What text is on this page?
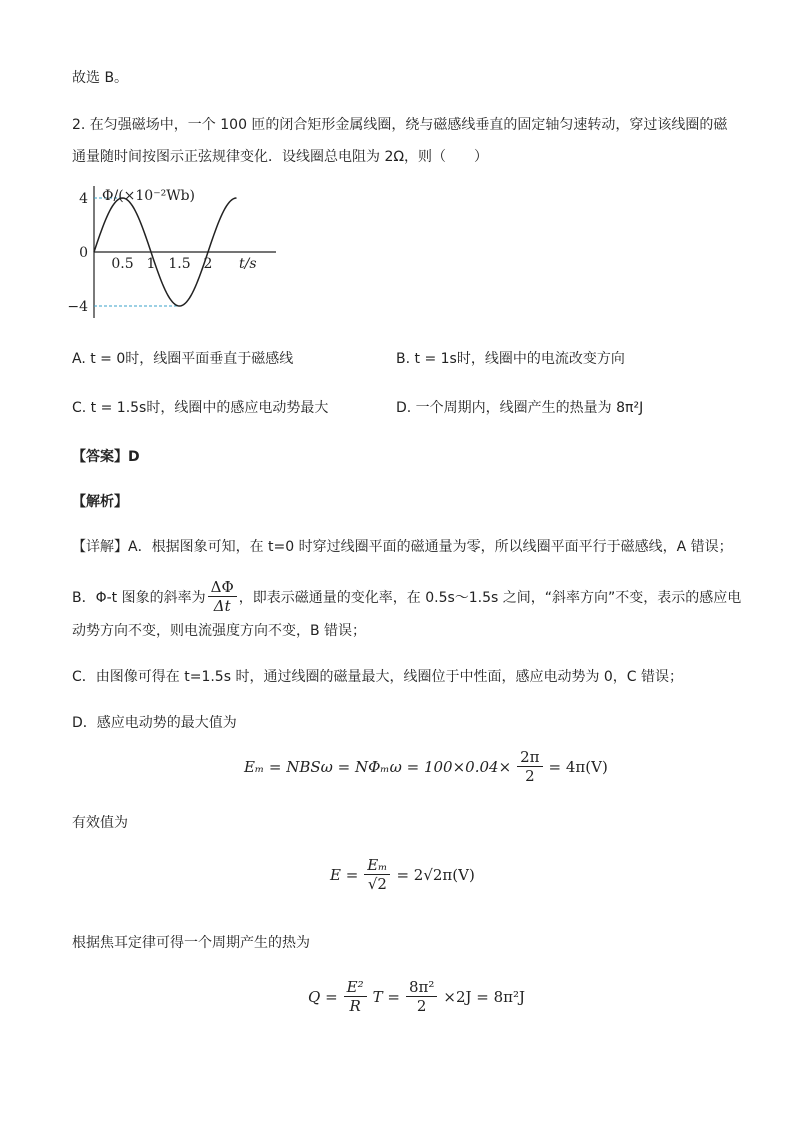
故选 B。
2. 在匀强磁场中，一个 100 匝的闭合矩形金属线圈，绕与磁感线垂直的固定轴匀速转动，穿过该线圈的磁
通量随时间按图示正弦规律变化．设线圈总电阻为 2Ω，则（　　）
0.5 1 1.5 2
4
0
−4
Φ/(×10⁻²Wb)
t/s
A. t = 0时，线圈平面垂直于磁感线	B. t = 1s时，线圈中的电流改变方向
C. t = 1.5s时，线圈中的感应电动势最大	D. 一个周期内，线圈产生的热量为 8π²J
【答案】D
【解析】
【详解】A．根据图象可知，在 t=0 时穿过线圈平面的磁通量为零，所以线圈平面平行于磁感线，A 错误；
B．Φ-t 图象的斜率为 $\frac{\Delta\Phi}{\Delta t}$ ，即表示磁通量的变化率，在 0.5s～1.5s 之间，“斜率方向”不变，表示的感应电
动势方向不变，则电流强度方向不变，B 错误；
C．由图像可得在 t=1.5s 时，通过线圈的磁量最大，线圈位于中性面，感应电动势为 0，C 错误；
D．感应电动势的最大值为
$E_m = NBS\omega = N\Phi_m\omega = 100\times 0.04\times \frac{2\pi}{2} = 4\pi(V)$
有效值为
$E = \frac{\text{Eₘ}}{√2} = 2√2\pi(V)$
根据焦耳定律可得一个周期产生的热为
$Q = \frac{\text{E²}}{R}$ $T = \frac{\text{8π²}}{2} \times 2J = 8\pi^2J$
